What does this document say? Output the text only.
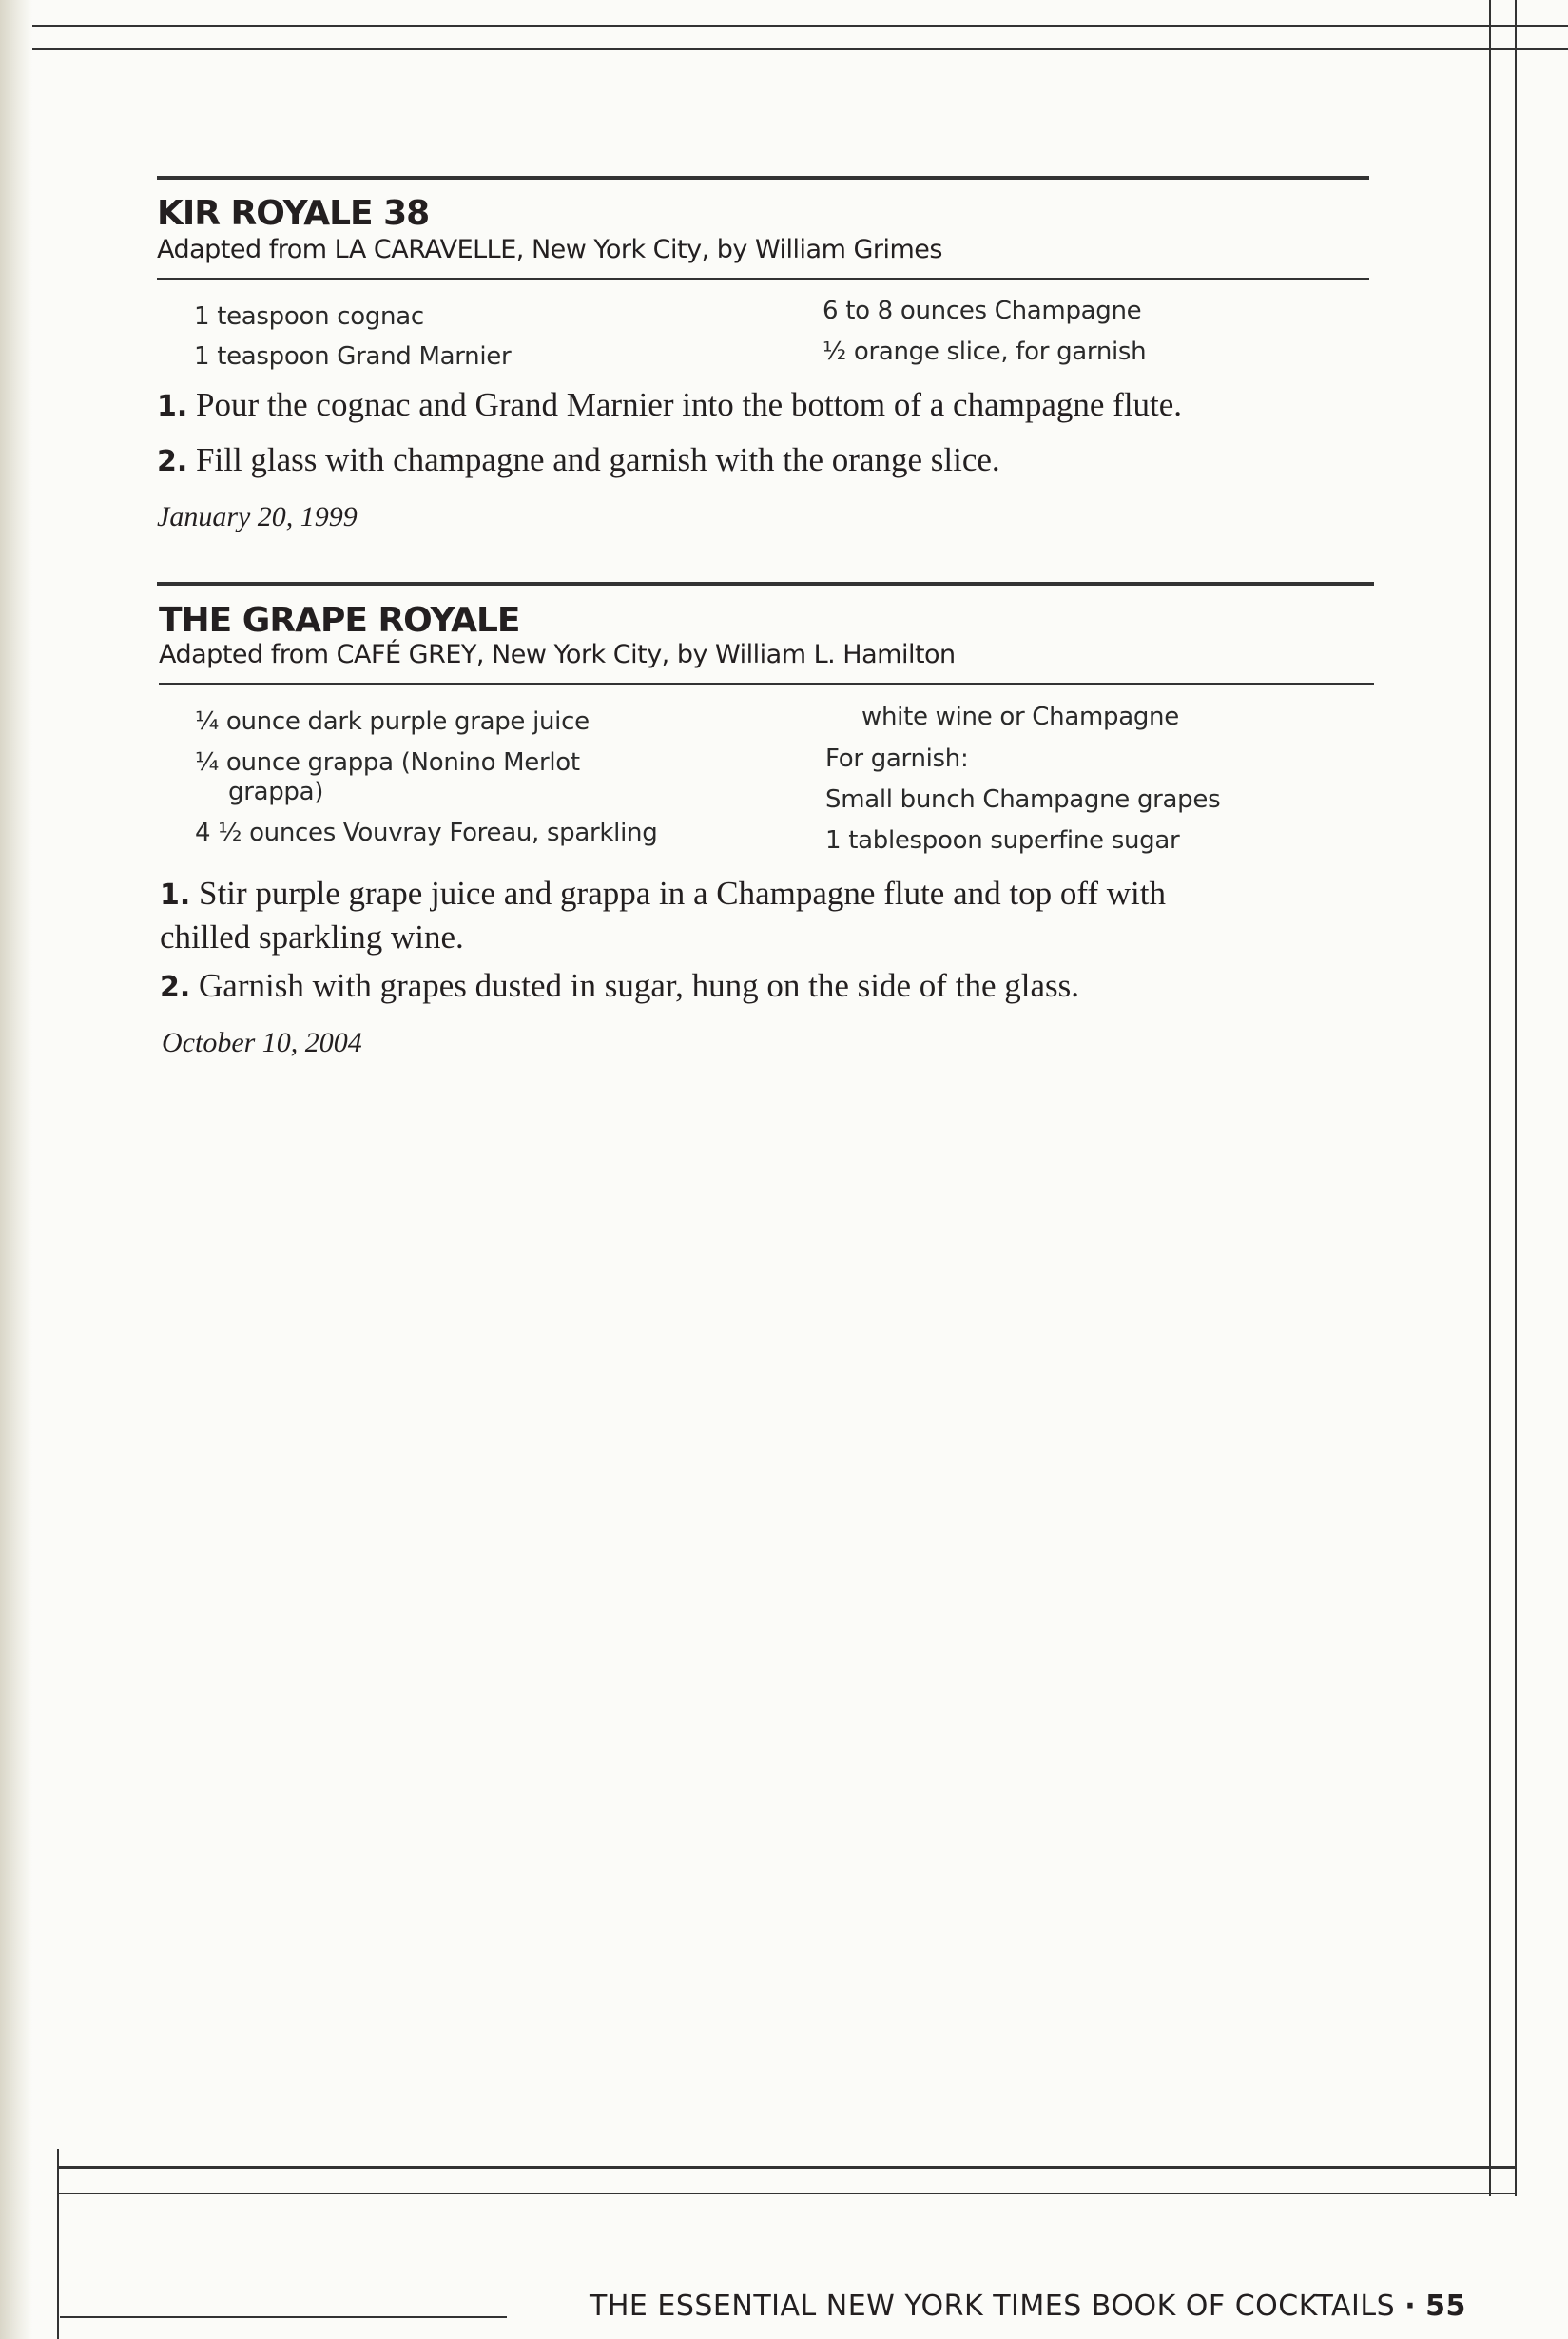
KIR ROYALE 38
Adapted from LA CARAVELLE, New York City, by William Grimes
1 teaspoon cognac
1 teaspoon Grand Marnier
6 to 8 ounces Champagne
½ orange slice, for garnish
1. Pour the cognac and Grand Marnier into the bottom of a champagne flute.
2. Fill glass with champagne and garnish with the orange slice.
January 20, 1999
THE GRAPE ROYALE
Adapted from CAFÉ GREY, New York City, by William L. Hamilton
¼ ounce dark purple grape juice
¼ ounce grappa (Nonino Merlot
grappa)
4 ½ ounces Vouvray Foreau, sparkling
white wine or Champagne
For garnish:
Small bunch Champagne grapes
1 tablespoon superfine sugar
1. Stir purple grape juice and grappa in a Champagne flute and top off with
chilled sparkling wine.
2. Garnish with grapes dusted in sugar, hung on the side of the glass.
October 10, 2004
THE ESSENTIAL NEW YORK TIMES BOOK OF COCKTAILS · 55
